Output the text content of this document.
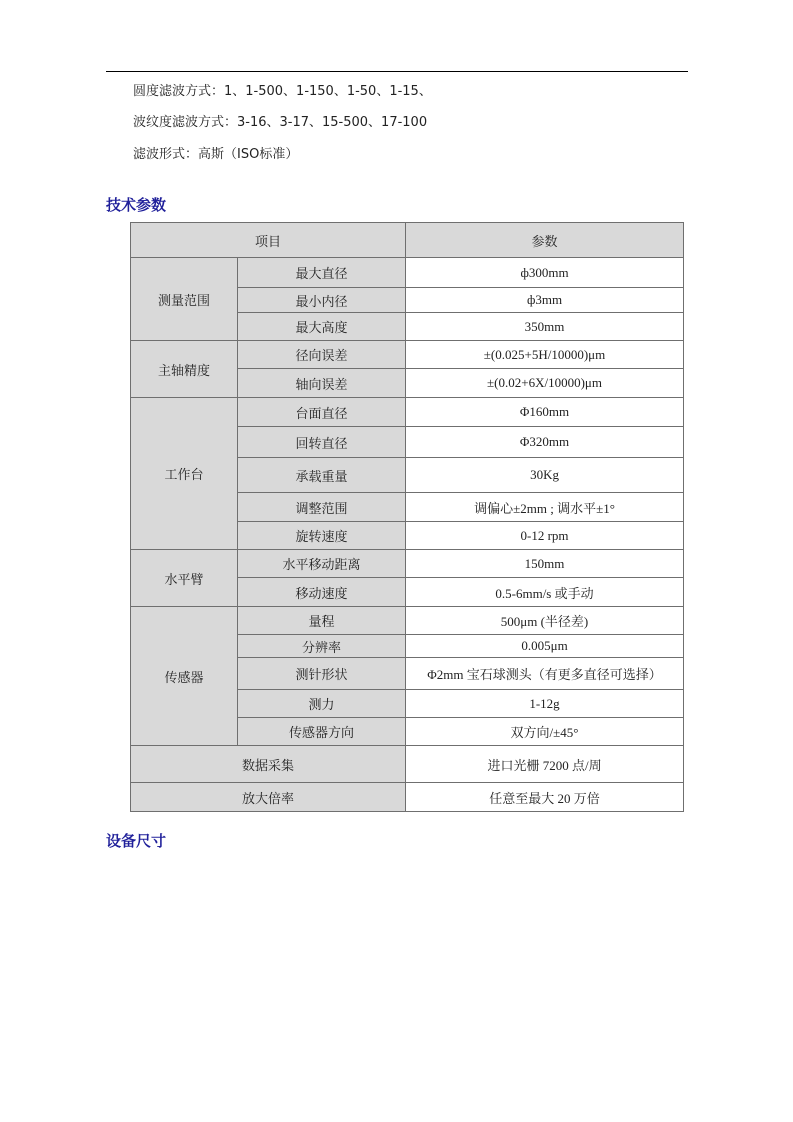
圆度滤波方式：1、1-500、1-150、1-50、1-15、
波纹度滤波方式：3-16、3-17、15-500、17-100
滤波形式：高斯（ISO标准）
技术参数
项目		参数
测量范围	最大直径	ф300mm
	最小内径	ф3mm
	最大高度	350mm
主轴精度	径向误差	±(0.025+5H/10000)μm
	轴向误差	±(0.02+6X/10000)μm
工作台	台面直径	Φ160mm
	回转直径	Φ320mm
	承载重量	30Kg
	调整范围	调偏心±2mm ; 调水平±1°
	旋转速度	0-12 rpm
水平臂	水平移动距离	150mm
	移动速度	0.5-6mm/s 或手动
传感器	量程	500μm (半径差)
	分辨率	0.005μm
	测针形状	Φ2mm 宝石球测头（有更多直径可选择）
	测力	1-12g
	传感器方向	双方向/±45°
数据采集		进口光栅 7200 点/周
放大倍率		任意至最大 20 万倍
设备尺寸
